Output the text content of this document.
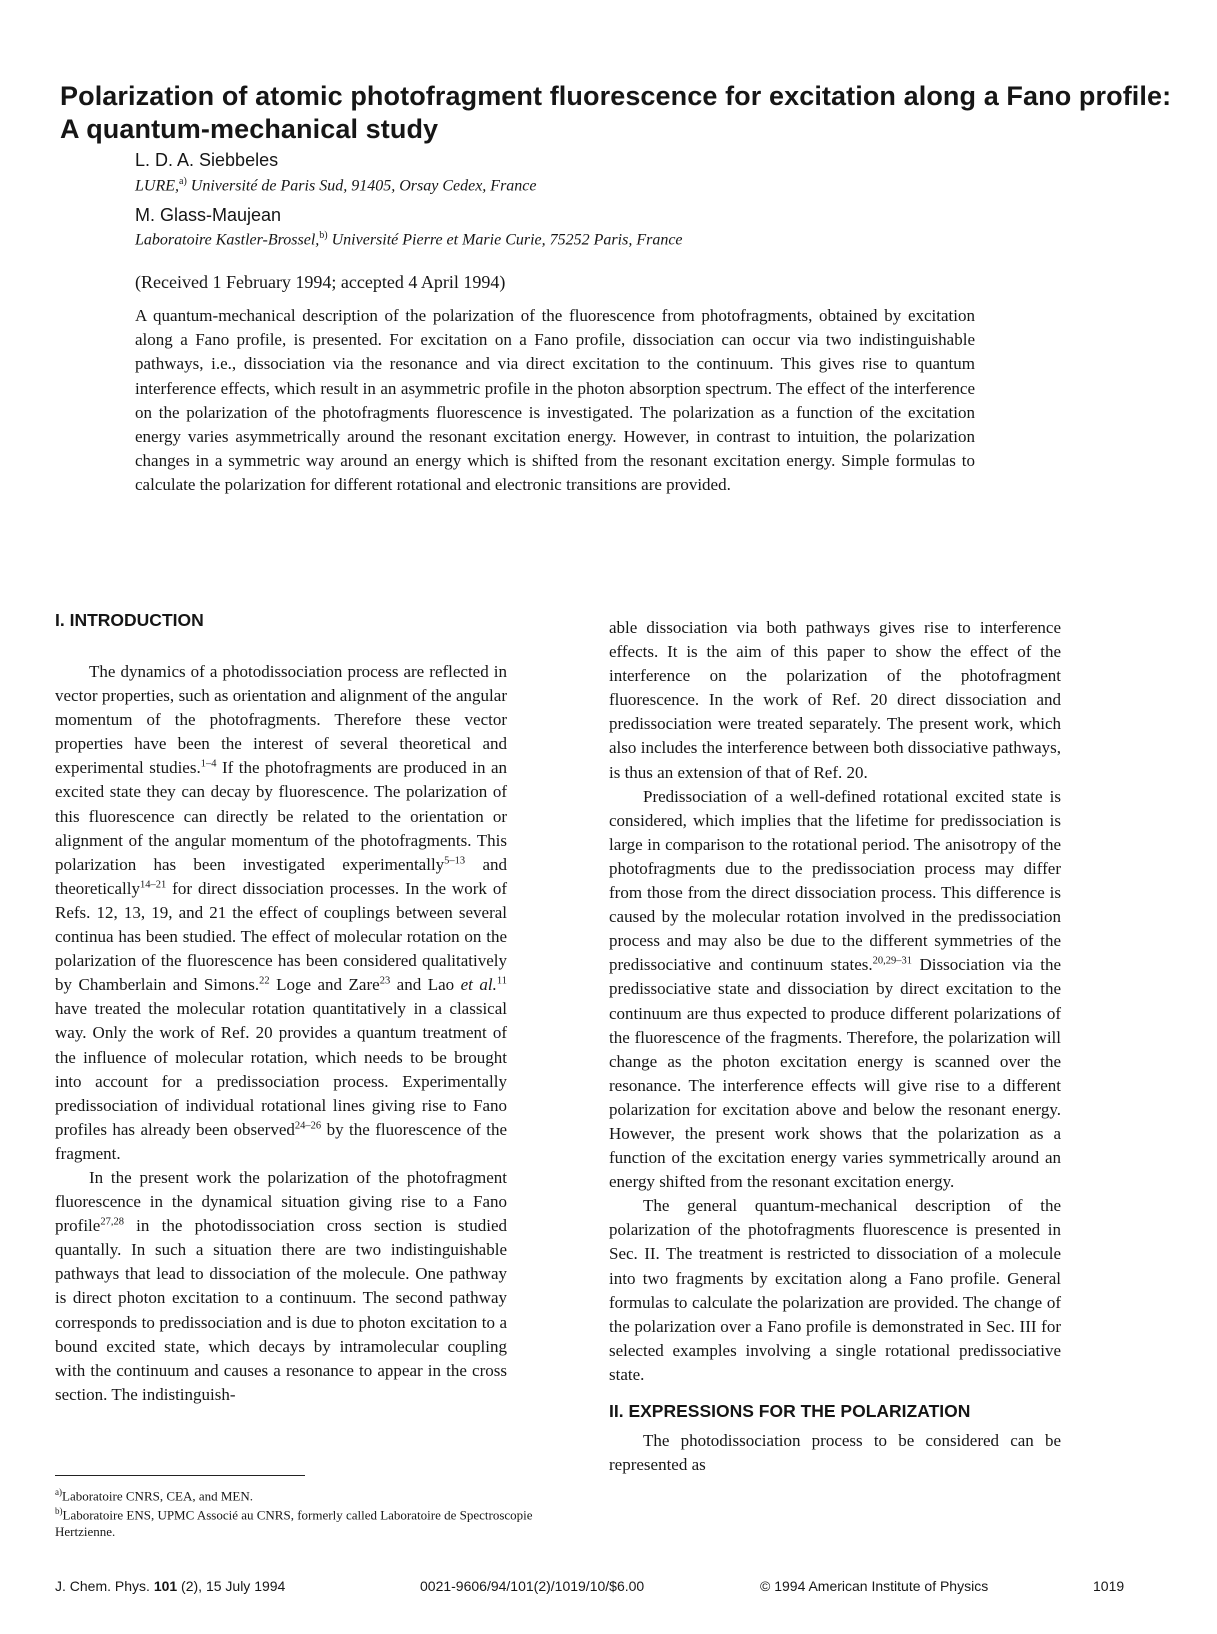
Polarization of atomic photofragment fluorescence for excitation along a Fano profile: A quantum-mechanical study
L. D. A. Siebbeles
LURE,$^{a)}$ Université de Paris Sud, 91405, Orsay Cedex, France
M. Glass-Maujean
Laboratoire Kastler-Brossel,$^{b)}$ Université Pierre et Marie Curie, 75252 Paris, France
(Received 1 February 1994; accepted 4 April 1994)
A quantum-mechanical description of the polarization of the fluorescence from photofragments, obtained by excitation along a Fano profile, is presented. For excitation on a Fano profile, dissociation can occur via two indistinguishable pathways, i.e., dissociation via the resonance and via direct excitation to the continuum. This gives rise to quantum interference effects, which result in an asymmetric profile in the photon absorption spectrum. The effect of the interference on the polarization of the photofragments fluorescence is investigated. The polarization as a function of the excitation energy varies asymmetrically around the resonant excitation energy. However, in contrast to intuition, the polarization changes in a symmetric way around an energy which is shifted from the resonant excitation energy. Simple formulas to calculate the polarization for different rotational and electronic transitions are provided.
I. INTRODUCTION

The dynamics of a photodissociation process are reflected in vector properties, such as orientation and alignment of the angular momentum of the photofragments. Therefore these vector properties have been the interest of several theoretical and experimental studies.$^{1-4}$ If the photofragments are produced in an excited state they can decay by fluorescence. The polarization of this fluorescence can directly be related to the orientation or alignment of the angular momentum of the photofragments. This polarization has been investigated experimentally$^{5-13}$ and theoretically$^{14-21}$ for direct dissociation processes. In the work of Refs. 12, 13, 19, and 21 the effect of couplings between several continua has been studied. The effect of molecular rotation on the polarization of the fluorescence has been considered qualitatively by Chamberlain and Simons.$^{22}$ Loge and Zare$^{23}$ and Lao et al.$^{11}$ have treated the molecular rotation quantitatively in a classical way. Only the work of Ref. 20 provides a quantum treatment of the influence of molecular rotation, which needs to be brought into account for a predissociation process. Experimentally predissociation of individual rotational lines giving rise to Fano profiles has already been observed$^{24-26}$ by the fluorescence of the fragment.

In the present work the polarization of the photofragment fluorescence in the dynamical situation giving rise to a Fano profile$^{27,28}$ in the photodissociation cross section is studied quantally. In such a situation there are two indistinguishable pathways that lead to dissociation of the molecule. One pathway is direct photon excitation to a continuum. The second pathway corresponds to predissociation and is due to photon excitation to a bound excited state, which decays by intramolecular coupling with the continuum and causes a resonance to appear in the cross section. The indistinguish-

able dissociation via both pathways gives rise to interference effects. It is the aim of this paper to show the effect of the interference on the polarization of the photofragment fluorescence. In the work of Ref. 20 direct dissociation and predissociation were treated separately. The present work, which also includes the interference between both dissociative pathways, is thus an extension of that of Ref. 20.

Predissociation of a well-defined rotational excited state is considered, which implies that the lifetime for predissociation is large in comparison to the rotational period. The anisotropy of the photofragments due to the predissociation process may differ from those from the direct dissociation process. This difference is caused by the molecular rotation involved in the predissociation process and may also be due to the different symmetries of the predissociative and continuum states.$^{20,29-31}$ Dissociation via the predissociative state and dissociation by direct excitation to the continuum are thus expected to produce different polarizations of the fluorescence of the fragments. Therefore, the polarization will change as the photon excitation energy is scanned over the resonance. The interference effects will give rise to a different polarization for excitation above and below the resonant energy. However, the present work shows that the polarization as a function of the excitation energy varies symmetrically around an energy shifted from the resonant excitation energy.

The general quantum-mechanical description of the polarization of the photofragments fluorescence is presented in Sec. II. The treatment is restricted to dissociation of a molecule into two fragments by excitation along a Fano profile. General formulas to calculate the polarization are provided. The change of the polarization over a Fano profile is demonstrated in Sec. III for selected examples involving a single rotational predissociative state.

II. EXPRESSIONS FOR THE POLARIZATION

The photodissociation process to be considered can be represented as

$^{a)}$Laboratoire CNRS, CEA, and MEN.
$^{b)}$Laboratoire ENS, UPMC Associé au CNRS, formerly called Laboratoire de Spectroscopie Hertzienne.
J. Chem. Phys. 101 (2), 15 July 1994	0021-9606/94/101(2)/1019/10/$6.00	© 1994 American Institute of Physics	1019
